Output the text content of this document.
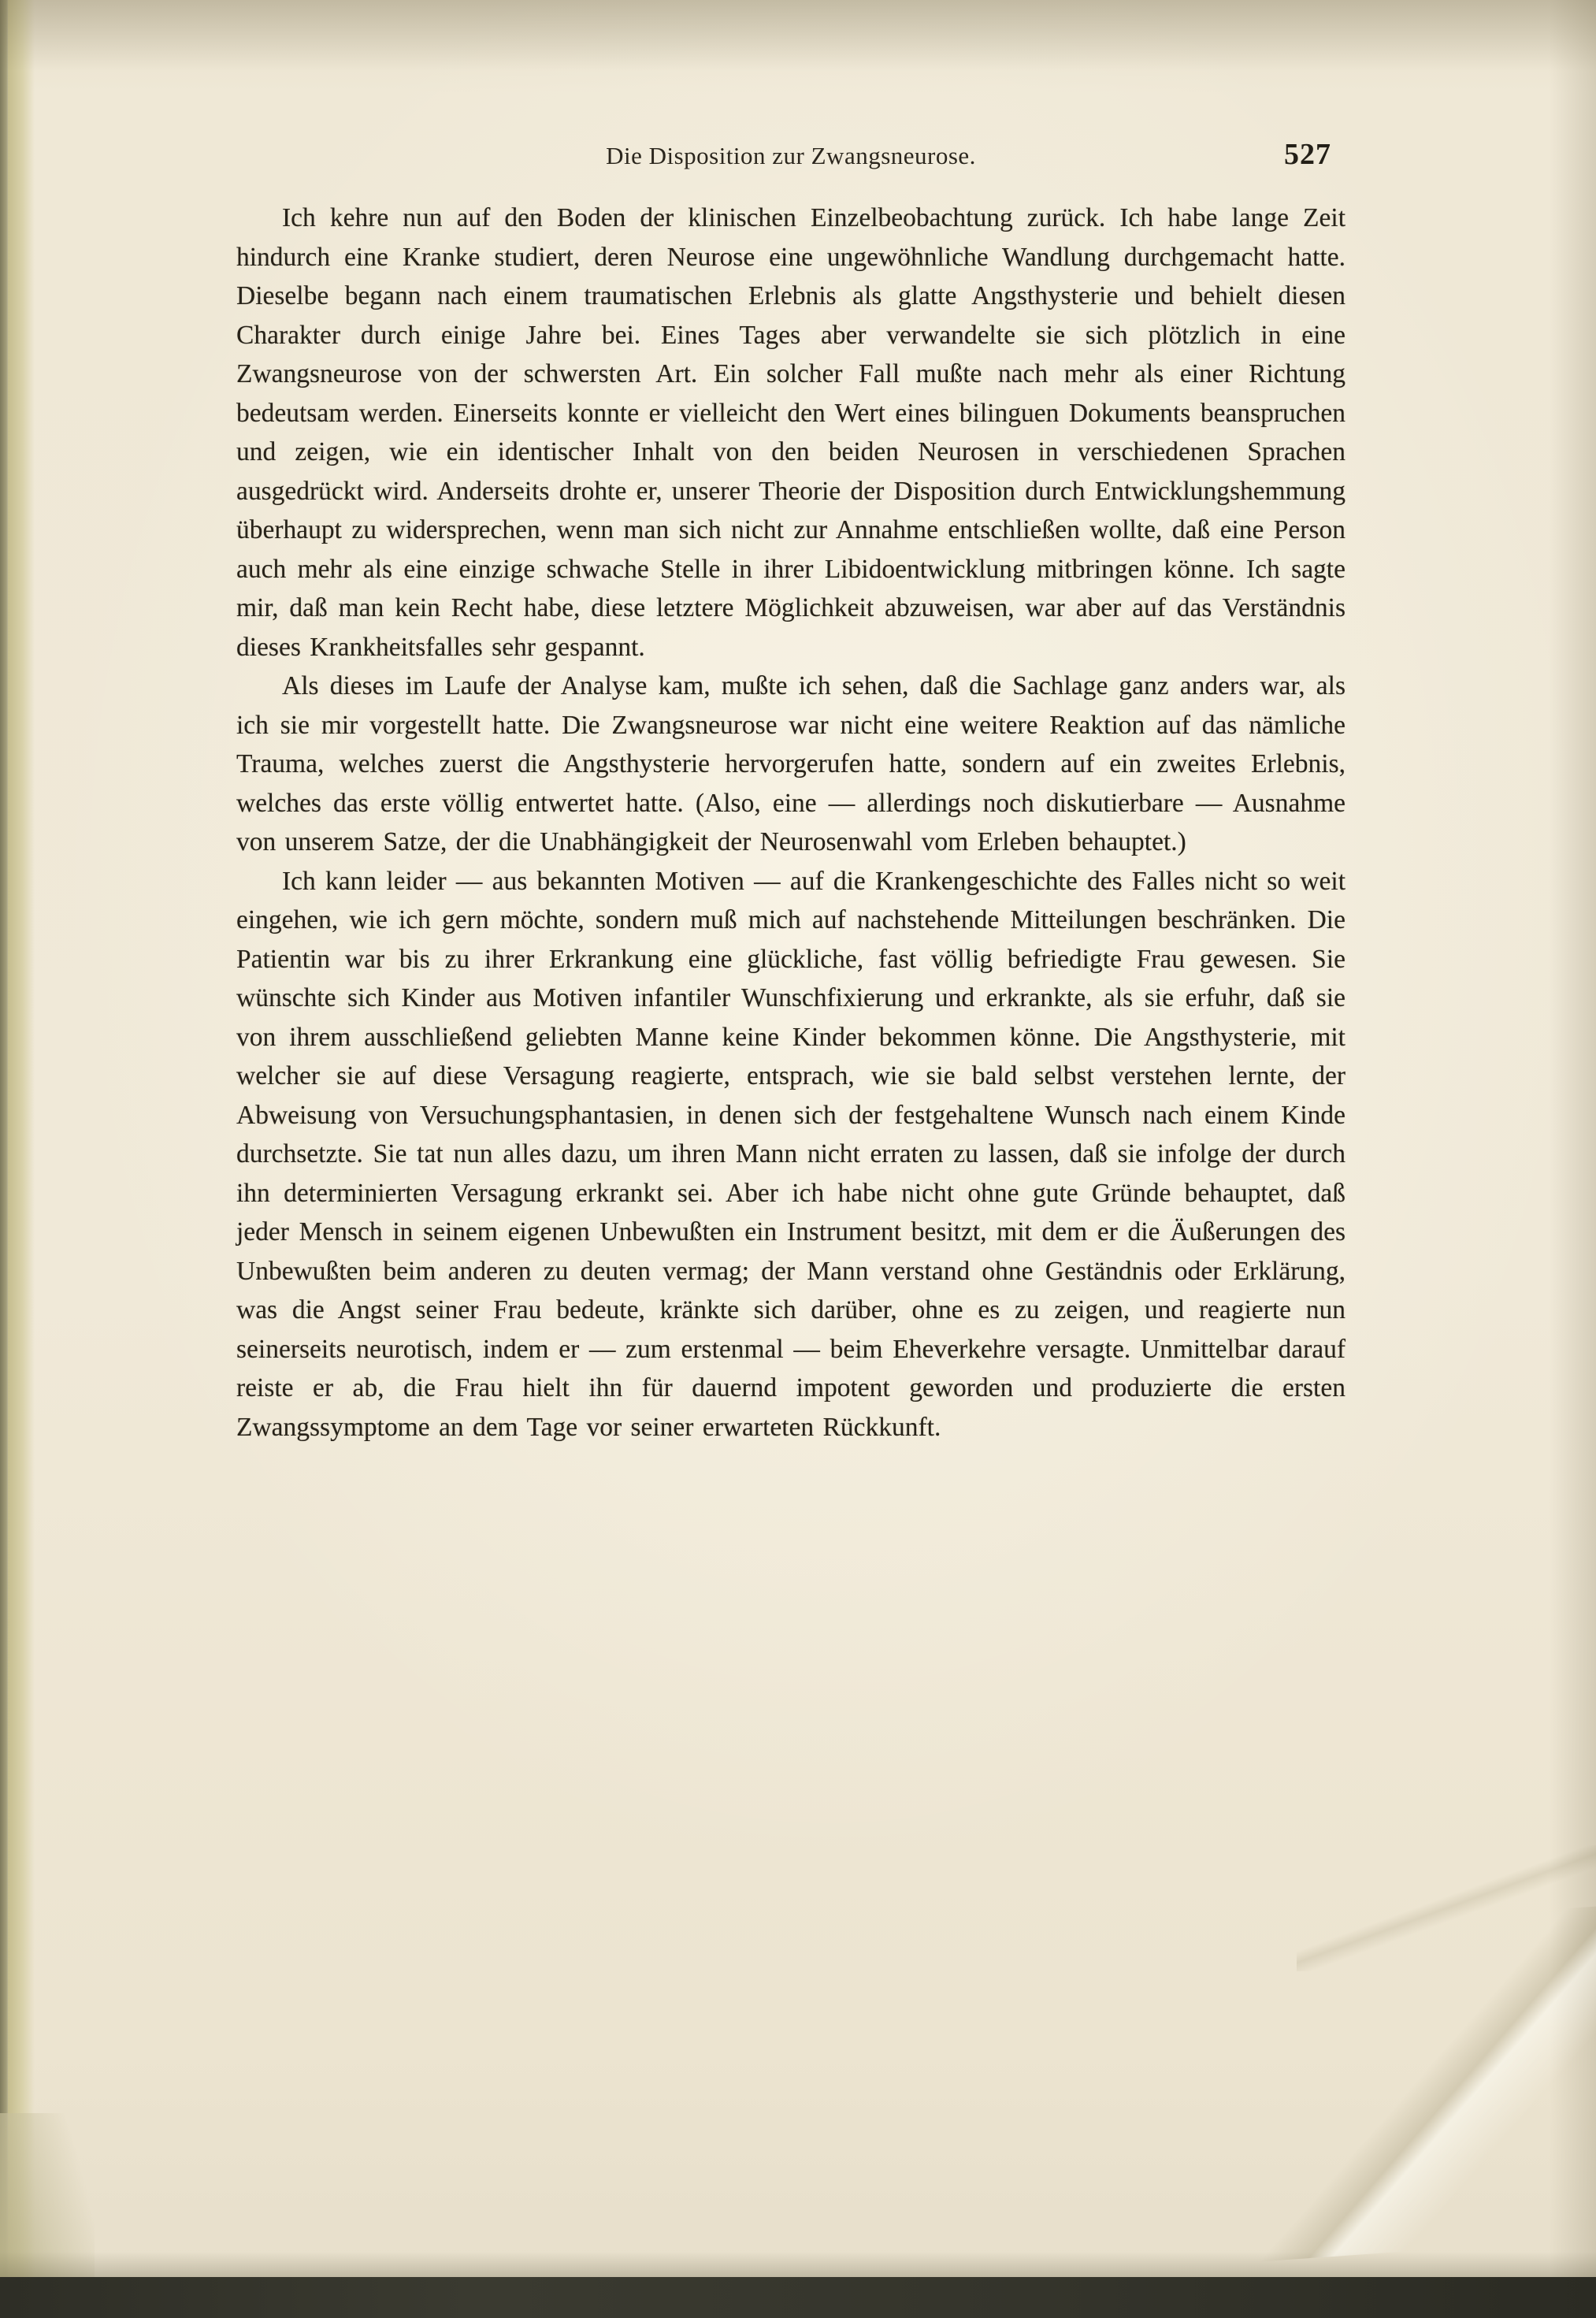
Die Disposition zur Zwangsneurose.	527

Ich kehre nun auf den Boden der klinischen Einzelbeobachtung zurück. Ich habe lange Zeit hindurch eine Kranke studiert, deren Neurose eine ungewöhnliche Wandlung durchgemacht hatte. Dieselbe begann nach einem traumatischen Erlebnis als glatte Angsthysterie und behielt diesen Charakter durch einige Jahre bei. Eines Tages aber verwandelte sie sich plötzlich in eine Zwangsneurose von der schwersten Art. Ein solcher Fall mußte nach mehr als einer Richtung bedeutsam werden. Einerseits konnte er vielleicht den Wert eines bilinguen Dokuments beanspruchen und zeigen, wie ein identischer Inhalt von den beiden Neurosen in verschiedenen Sprachen ausgedrückt wird. Anderseits drohte er, unserer Theorie der Disposition durch Entwicklungshemmung überhaupt zu widersprechen, wenn man sich nicht zur Annahme entschließen wollte, daß eine Person auch mehr als eine einzige schwache Stelle in ihrer Libidoentwicklung mitbringen könne. Ich sagte mir, daß man kein Recht habe, diese letztere Möglichkeit abzuweisen, war aber auf das Verständnis dieses Krankheitsfalles sehr gespannt.

Als dieses im Laufe der Analyse kam, mußte ich sehen, daß die Sachlage ganz anders war, als ich sie mir vorgestellt hatte. Die Zwangsneurose war nicht eine weitere Reaktion auf das nämliche Trauma, welches zuerst die Angsthysterie hervorgerufen hatte, sondern auf ein zweites Erlebnis, welches das erste völlig entwertet hatte. (Also, eine — allerdings noch diskutierbare — Ausnahme von unserem Satze, der die Unabhängigkeit der Neurosenwahl vom Erleben behauptet.)

Ich kann leider — aus bekannten Motiven — auf die Krankengeschichte des Falles nicht so weit eingehen, wie ich gern möchte, sondern muß mich auf nachstehende Mitteilungen beschränken. Die Patientin war bis zu ihrer Erkrankung eine glückliche, fast völlig befriedigte Frau gewesen. Sie wünschte sich Kinder aus Motiven infantiler Wunschfixierung und erkrankte, als sie erfuhr, daß sie von ihrem ausschließend geliebten Manne keine Kinder bekommen könne. Die Angsthysterie, mit welcher sie auf diese Versagung reagierte, entsprach, wie sie bald selbst verstehen lernte, der Abweisung von Versuchungsphantasien, in denen sich der festgehaltene Wunsch nach einem Kinde durchsetzte. Sie tat nun alles dazu, um ihren Mann nicht erraten zu lassen, daß sie infolge der durch ihn determinierten Versagung erkrankt sei. Aber ich habe nicht ohne gute Gründe behauptet, daß jeder Mensch in seinem eigenen Unbewußten ein Instrument besitzt, mit dem er die Äußerungen des Unbewußten beim anderen zu deuten vermag; der Mann verstand ohne Geständnis oder Erklärung, was die Angst seiner Frau bedeute, kränkte sich darüber, ohne es zu zeigen, und reagierte nun seinerseits neurotisch, indem er — zum erstenmal — beim Eheverkehre versagte. Unmittelbar darauf reiste er ab, die Frau hielt ihn für dauernd impotent geworden und produzierte die ersten Zwangssymptome an dem Tage vor seiner erwarteten Rückkunft.
